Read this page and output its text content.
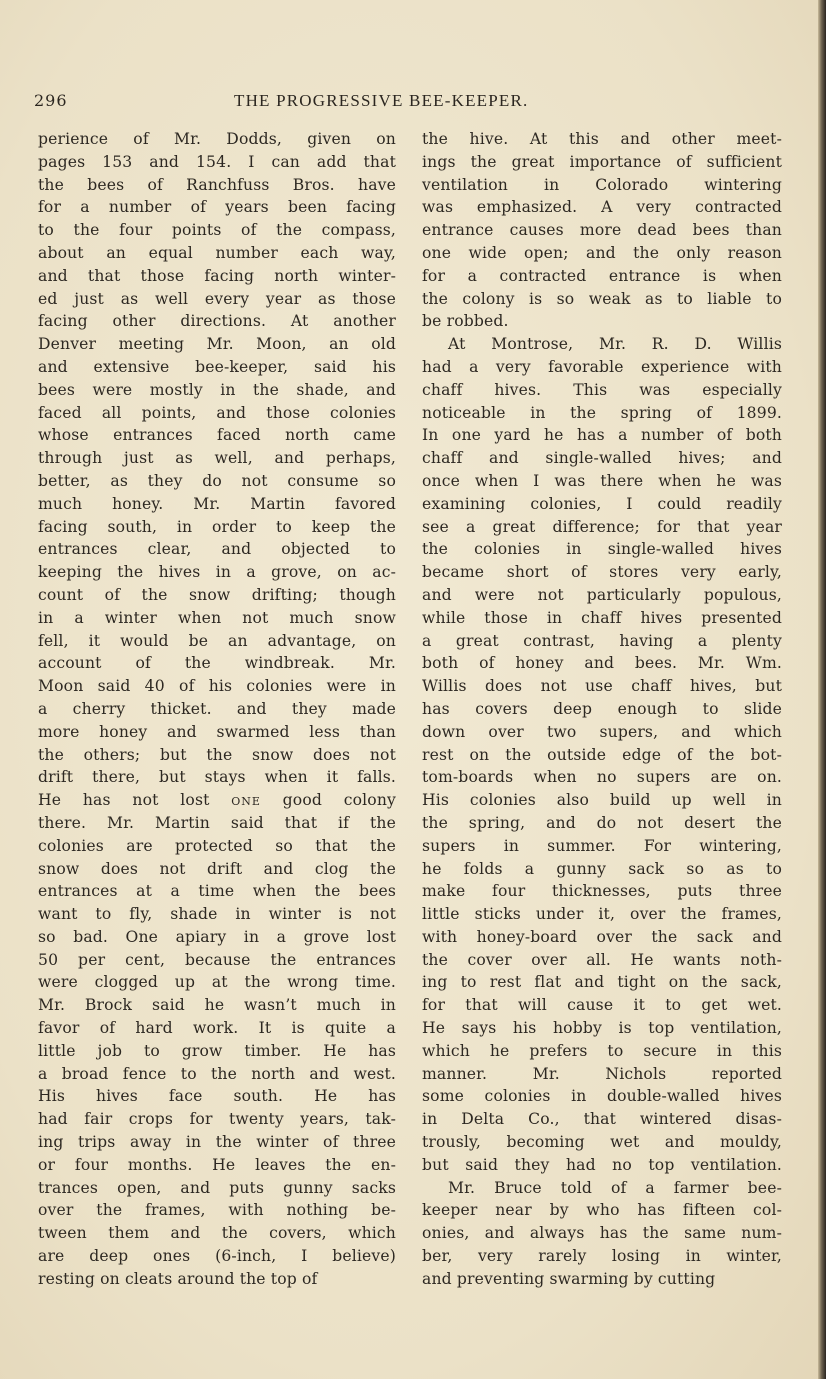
296	THE PROGRESSIVE BEE-KEEPER.
perience of Mr. Dodds, given on
pages 153 and 154. I can add that
the bees of Ranchfuss Bros. have
for a number of years been facing
to the four points of the compass,
about an equal number each way,
and that those facing north winter-
ed just as well every year as those
facing other directions. At another
Denver meeting Mr. Moon, an old
and extensive bee-keeper, said his
bees were mostly in the shade, and
faced all points, and those colonies
whose entrances faced north came
through just as well, and perhaps,
better, as they do not consume so
much honey. Mr. Martin favored
facing south, in order to keep the
entrances clear, and objected to
keeping the hives in a grove, on ac-
count of the snow drifting; though
in a winter when not much snow
fell, it would be an advantage, on
account of the windbreak. Mr.
Moon said 40 of his colonies were in
a cherry thicket. and they made
more honey and swarmed less than
the others; but the snow does not
drift there, but stays when it falls.
He has not lost one good colony
there. Mr. Martin said that if the
colonies are protected so that the
snow does not drift and clog the
entrances at a time when the bees
want to fly, shade in winter is not
so bad. One apiary in a grove lost
50 per cent, because the entrances
were clogged up at the wrong time.
Mr. Brock said he wasn’t much in
favor of hard work. It is quite a
little job to grow timber. He has
a broad fence to the north and west.
His hives face south. He has
had fair crops for twenty years, tak-
ing trips away in the winter of three
or four months. He leaves the en-
trances open, and puts gunny sacks
over the frames, with nothing be-
tween them and the covers, which
are deep ones (6-inch, I believe)
resting on cleats around the top of
the hive. At this and other meet-
ings the great importance of sufficient
ventilation in Colorado wintering
was emphasized. A very contracted
entrance causes more dead bees than
one wide open; and the only reason
for a contracted entrance is when
the colony is so weak as to liable to
be robbed.
At Montrose, Mr. R. D. Willis
had a very favorable experience with
chaff hives. This was especially
noticeable in the spring of 1899.
In one yard he has a number of both
chaff and single-walled hives; and
once when I was there when he was
examining colonies, I could readily
see a great difference; for that year
the colonies in single-walled hives
became short of stores very early,
and were not particularly populous,
while those in chaff hives presented
a great contrast, having a plenty
both of honey and bees. Mr. Wm.
Willis does not use chaff hives, but
has covers deep enough to slide
down over two supers, and which
rest on the outside edge of the bot-
tom-boards when no supers are on.
His colonies also build up well in
the spring, and do not desert the
supers in summer. For wintering,
he folds a gunny sack so as to
make four thicknesses, puts three
little sticks under it, over the frames,
with honey-board over the sack and
the cover over all. He wants noth-
ing to rest flat and tight on the sack,
for that will cause it to get wet.
He says his hobby is top ventilation,
which he prefers to secure in this
manner. Mr. Nichols reported
some colonies in double-walled hives
in Delta Co., that wintered disas-
trously, becoming wet and mouldy,
but said they had no top ventilation.
Mr. Bruce told of a farmer bee-
keeper near by who has fifteen col-
onies, and always has the same num-
ber, very rarely losing in winter,
and preventing swarming by cutting
